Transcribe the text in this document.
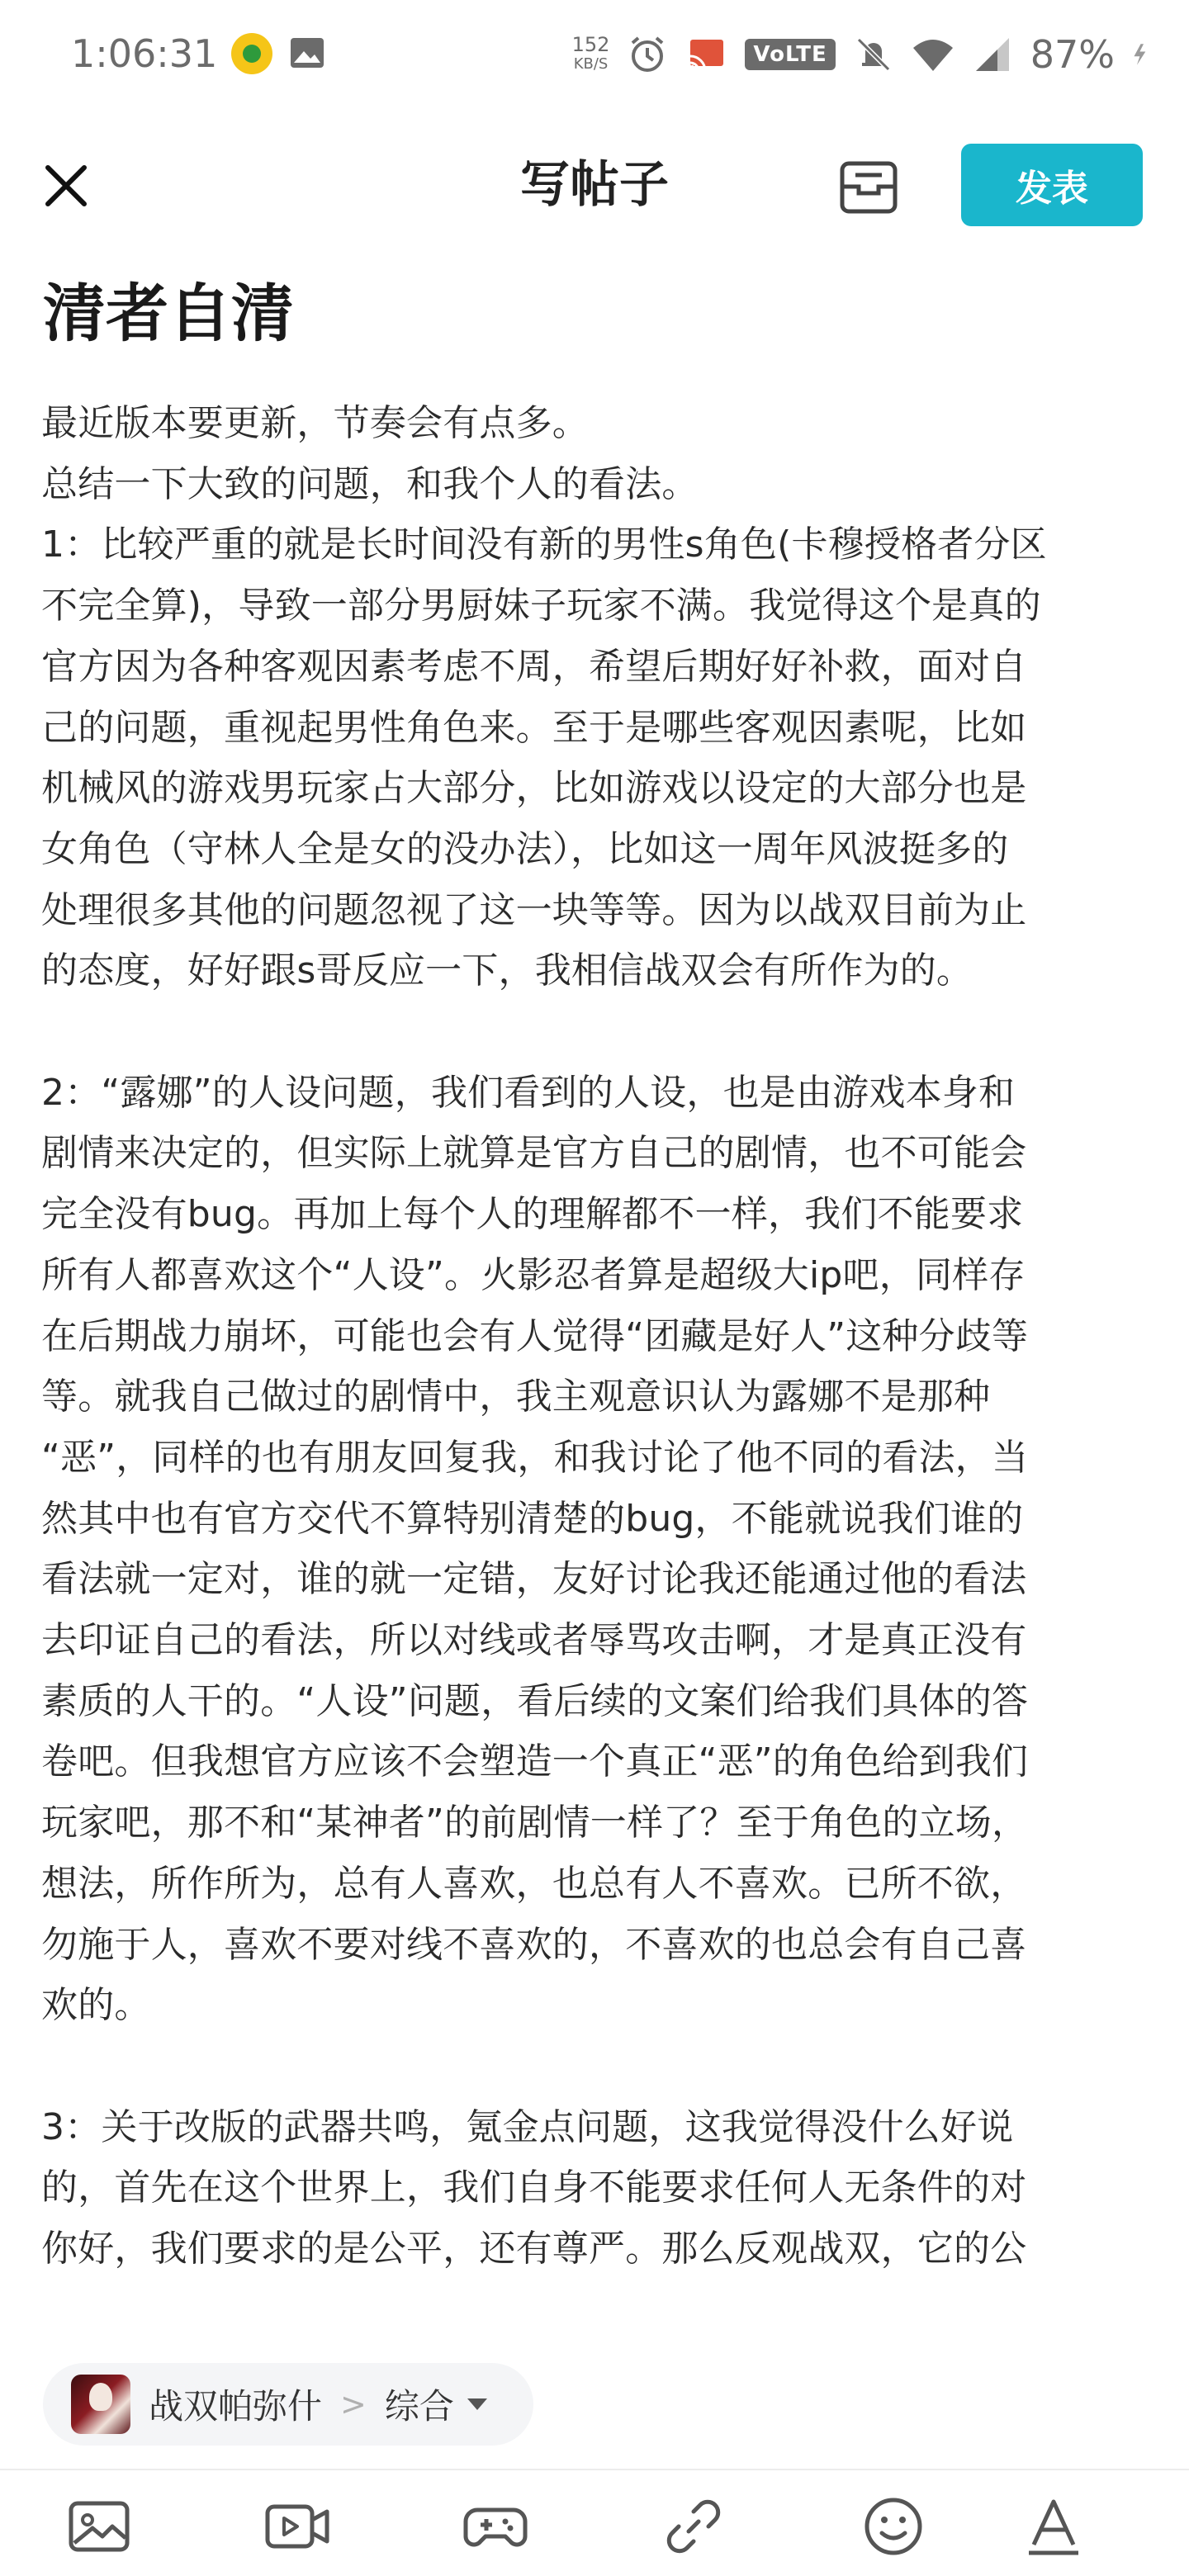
1:06:31	152
KB/S	VoLTE	87%
写帖子	发表
清者自清

最近版本要更新，节奏会有点多。

总结一下大致的问题，和我个人的看法。

1：比较严重的就是长时间没有新的男性s角色(卡穆授格者分区

不完全算)，导致一部分男厨妹子玩家不满。我觉得这个是真的

官方因为各种客观因素考虑不周，希望后期好好补救，面对自

己的问题，重视起男性角色来。至于是哪些客观因素呢，比如

机械风的游戏男玩家占大部分，比如游戏以设定的大部分也是

女角色（守林人全是女的没办法），比如这一周年风波挺多的

处理很多其他的问题忽视了这一块等等。因为以战双目前为止

的态度，好好跟s哥反应一下，我相信战双会有所作为的。

2：“露娜”的人设问题，我们看到的人设，也是由游戏本身和

剧情来决定的，但实际上就算是官方自己的剧情，也不可能会

完全没有bug。再加上每个人的理解都不一样，我们不能要求

所有人都喜欢这个“人设”。火影忍者算是超级大ip吧，同样存

在后期战力崩坏，可能也会有人觉得“团藏是好人”这种分歧等

等。就我自己做过的剧情中，我主观意识认为露娜不是那种

“恶”，同样的也有朋友回复我，和我讨论了他不同的看法，当

然其中也有官方交代不算特别清楚的bug，不能就说我们谁的

看法就一定对，谁的就一定错，友好讨论我还能通过他的看法

去印证自己的看法，所以对线或者辱骂攻击啊，才是真正没有

素质的人干的。“人设”问题，看后续的文案们给我们具体的答

卷吧。但我想官方应该不会塑造一个真正“恶”的角色给到我们

玩家吧，那不和“某神者”的前剧情一样了？至于角色的立场，

想法，所作所为，总有人喜欢，也总有人不喜欢。已所不欲，

勿施于人，喜欢不要对线不喜欢的，不喜欢的也总会有自己喜

欢的。

3：关于改版的武器共鸣，氪金点问题，这我觉得没什么好说

的，首先在这个世界上，我们自身不能要求任何人无条件的对

你好，我们要求的是公平，还有尊严。那么反观战双，它的公

战双帕弥什 > 综合
